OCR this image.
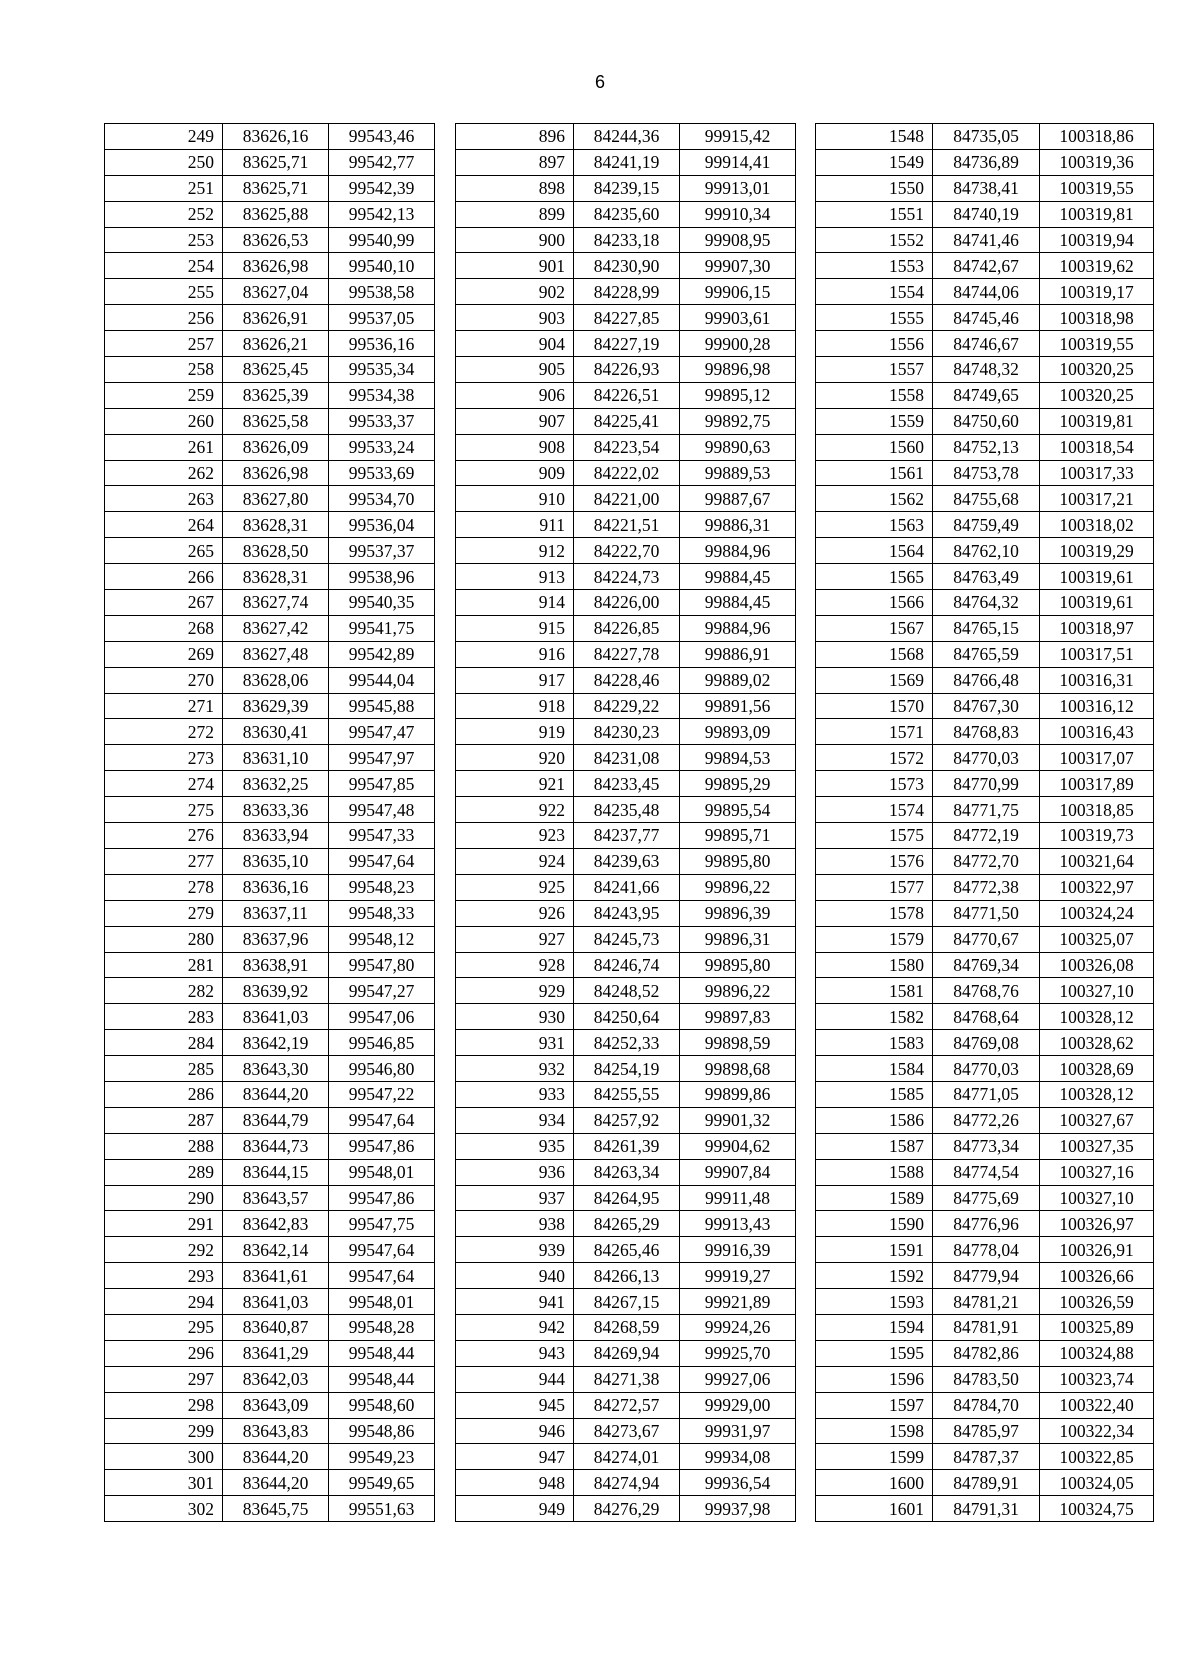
6
249	83626,16	99543,46
250	83625,71	99542,77
251	83625,71	99542,39
252	83625,88	99542,13
253	83626,53	99540,99
254	83626,98	99540,10
255	83627,04	99538,58
256	83626,91	99537,05
257	83626,21	99536,16
258	83625,45	99535,34
259	83625,39	99534,38
260	83625,58	99533,37
261	83626,09	99533,24
262	83626,98	99533,69
263	83627,80	99534,70
264	83628,31	99536,04
265	83628,50	99537,37
266	83628,31	99538,96
267	83627,74	99540,35
268	83627,42	99541,75
269	83627,48	99542,89
270	83628,06	99544,04
271	83629,39	99545,88
272	83630,41	99547,47
273	83631,10	99547,97
274	83632,25	99547,85
275	83633,36	99547,48
276	83633,94	99547,33
277	83635,10	99547,64
278	83636,16	99548,23
279	83637,11	99548,33
280	83637,96	99548,12
281	83638,91	99547,80
282	83639,92	99547,27
283	83641,03	99547,06
284	83642,19	99546,85
285	83643,30	99546,80
286	83644,20	99547,22
287	83644,79	99547,64
288	83644,73	99547,86
289	83644,15	99548,01
290	83643,57	99547,86
291	83642,83	99547,75
292	83642,14	99547,64
293	83641,61	99547,64
294	83641,03	99548,01
295	83640,87	99548,28
296	83641,29	99548,44
297	83642,03	99548,44
298	83643,09	99548,60
299	83643,83	99548,86
300	83644,20	99549,23
301	83644,20	99549,65
302	83645,75	99551,63
896	84244,36	99915,42
897	84241,19	99914,41
898	84239,15	99913,01
899	84235,60	99910,34
900	84233,18	99908,95
901	84230,90	99907,30
902	84228,99	99906,15
903	84227,85	99903,61
904	84227,19	99900,28
905	84226,93	99896,98
906	84226,51	99895,12
907	84225,41	99892,75
908	84223,54	99890,63
909	84222,02	99889,53
910	84221,00	99887,67
911	84221,51	99886,31
912	84222,70	99884,96
913	84224,73	99884,45
914	84226,00	99884,45
915	84226,85	99884,96
916	84227,78	99886,91
917	84228,46	99889,02
918	84229,22	99891,56
919	84230,23	99893,09
920	84231,08	99894,53
921	84233,45	99895,29
922	84235,48	99895,54
923	84237,77	99895,71
924	84239,63	99895,80
925	84241,66	99896,22
926	84243,95	99896,39
927	84245,73	99896,31
928	84246,74	99895,80
929	84248,52	99896,22
930	84250,64	99897,83
931	84252,33	99898,59
932	84254,19	99898,68
933	84255,55	99899,86
934	84257,92	99901,32
935	84261,39	99904,62
936	84263,34	99907,84
937	84264,95	99911,48
938	84265,29	99913,43
939	84265,46	99916,39
940	84266,13	99919,27
941	84267,15	99921,89
942	84268,59	99924,26
943	84269,94	99925,70
944	84271,38	99927,06
945	84272,57	99929,00
946	84273,67	99931,97
947	84274,01	99934,08
948	84274,94	99936,54
949	84276,29	99937,98
1548	84735,05	100318,86
1549	84736,89	100319,36
1550	84738,41	100319,55
1551	84740,19	100319,81
1552	84741,46	100319,94
1553	84742,67	100319,62
1554	84744,06	100319,17
1555	84745,46	100318,98
1556	84746,67	100319,55
1557	84748,32	100320,25
1558	84749,65	100320,25
1559	84750,60	100319,81
1560	84752,13	100318,54
1561	84753,78	100317,33
1562	84755,68	100317,21
1563	84759,49	100318,02
1564	84762,10	100319,29
1565	84763,49	100319,61
1566	84764,32	100319,61
1567	84765,15	100318,97
1568	84765,59	100317,51
1569	84766,48	100316,31
1570	84767,30	100316,12
1571	84768,83	100316,43
1572	84770,03	100317,07
1573	84770,99	100317,89
1574	84771,75	100318,85
1575	84772,19	100319,73
1576	84772,70	100321,64
1577	84772,38	100322,97
1578	84771,50	100324,24
1579	84770,67	100325,07
1580	84769,34	100326,08
1581	84768,76	100327,10
1582	84768,64	100328,12
1583	84769,08	100328,62
1584	84770,03	100328,69
1585	84771,05	100328,12
1586	84772,26	100327,67
1587	84773,34	100327,35
1588	84774,54	100327,16
1589	84775,69	100327,10
1590	84776,96	100326,97
1591	84778,04	100326,91
1592	84779,94	100326,66
1593	84781,21	100326,59
1594	84781,91	100325,89
1595	84782,86	100324,88
1596	84783,50	100323,74
1597	84784,70	100322,40
1598	84785,97	100322,34
1599	84787,37	100322,85
1600	84789,91	100324,05
1601	84791,31	100324,75
